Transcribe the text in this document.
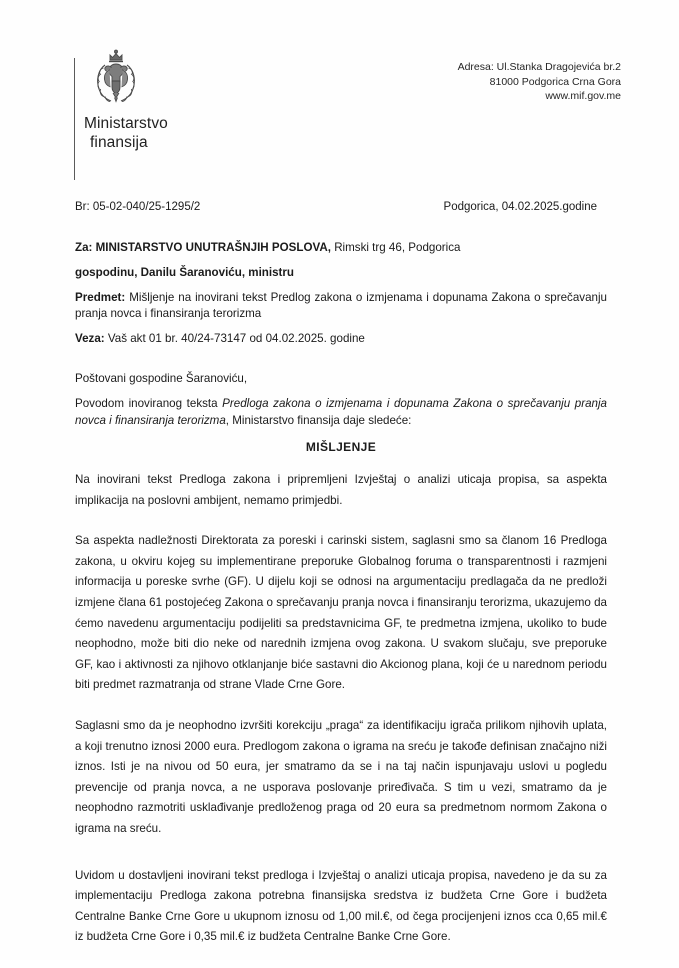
Ministarstvo
finansija
Adresa: Ul.Stanka Dragojevića br.2
81000 Podgorica Crna Gora
www.mif.gov.me
Br: 05-02-040/25-1295/2	Podgorica, 04.02.2025.godine
Za: MINISTARSTVO UNUTRAŠNJIH POSLOVA, Rimski trg 46, Podgorica
gospodinu, Danilu Šaranoviću, ministru
Predmet: Mišljenje na inovirani tekst Predlog zakona o izmjenama i dopunama Zakona o sprečavanju pranja novca i finansiranja terorizma
Veza: Vaš akt 01 br. 40/24-73147 od 04.02.2025. godine
Poštovani gospodine Šaranoviću,
Povodom inoviranog teksta Predloga zakona o izmjenama i dopunama Zakona o sprečavanju pranja novca i finansiranja terorizma, Ministarstvo finansija daje sledeće:
MIŠLJENJE

Na inovirani tekst Predloga zakona i pripremljeni Izvještaj o analizi uticaja propisa, sa aspekta implikacija na poslovni ambijent, nemamo primjedbi.

Sa aspekta nadležnosti Direktorata za poreski i carinski sistem, saglasni smo sa članom 16 Predloga zakona, u okviru kojeg su implementirane preporuke Globalnog foruma o transparentnosti i razmjeni informacija u poreske svrhe (GF). U dijelu koji se odnosi na argumentaciju predlagača da ne predloži izmjene člana 61 postojećeg Zakona o sprečavanju pranja novca i finansiranju terorizma, ukazujemo da ćemo navedenu argumentaciju podijeliti sa predstavnicima GF, te predmetna izmjena, ukoliko to bude neophodno, može biti dio neke od narednih izmjena ovog zakona. U svakom slučaju, sve preporuke GF, kao i aktivnosti za njihovo otklanjanje biće sastavni dio Akcionog plana, koji će u narednom periodu biti predmet razmatranja od strane Vlade Crne Gore.

Saglasni smo da je neophodno izvršiti korekciju „praga“ za identifikaciju igrača prilikom njihovih uplata, a koji trenutno iznosi 2000 eura. Predlogom zakona o igrama na sreću je takođe definisan značajno niži iznos. Isti je na nivou od 50 eura, jer smatramo da se i na taj način ispunjavaju uslovi u pogledu prevencije od pranja novca, a ne usporava poslovanje priređivača. S tim u vezi, smatramo da je neophodno razmotriti usklađivanje predloženog praga od 20 eura sa predmetnom normom Zakona o igrama na sreću.

Uvidom u dostavljeni inovirani tekst predloga i Izvještaj o analizi uticaja propisa, navedeno je da su za implementaciju Predloga zakona potrebna finansijska sredstva iz budžeta Crne Gore i budžeta Centralne Banke Crne Gore u ukupnom iznosu od 1,00 mil.€, od čega procijenjeni iznos cca 0,65 mil.€ iz budžeta Crne Gore i 0,35 mil.€ iz budžeta Centralne Banke Crne Gore.
